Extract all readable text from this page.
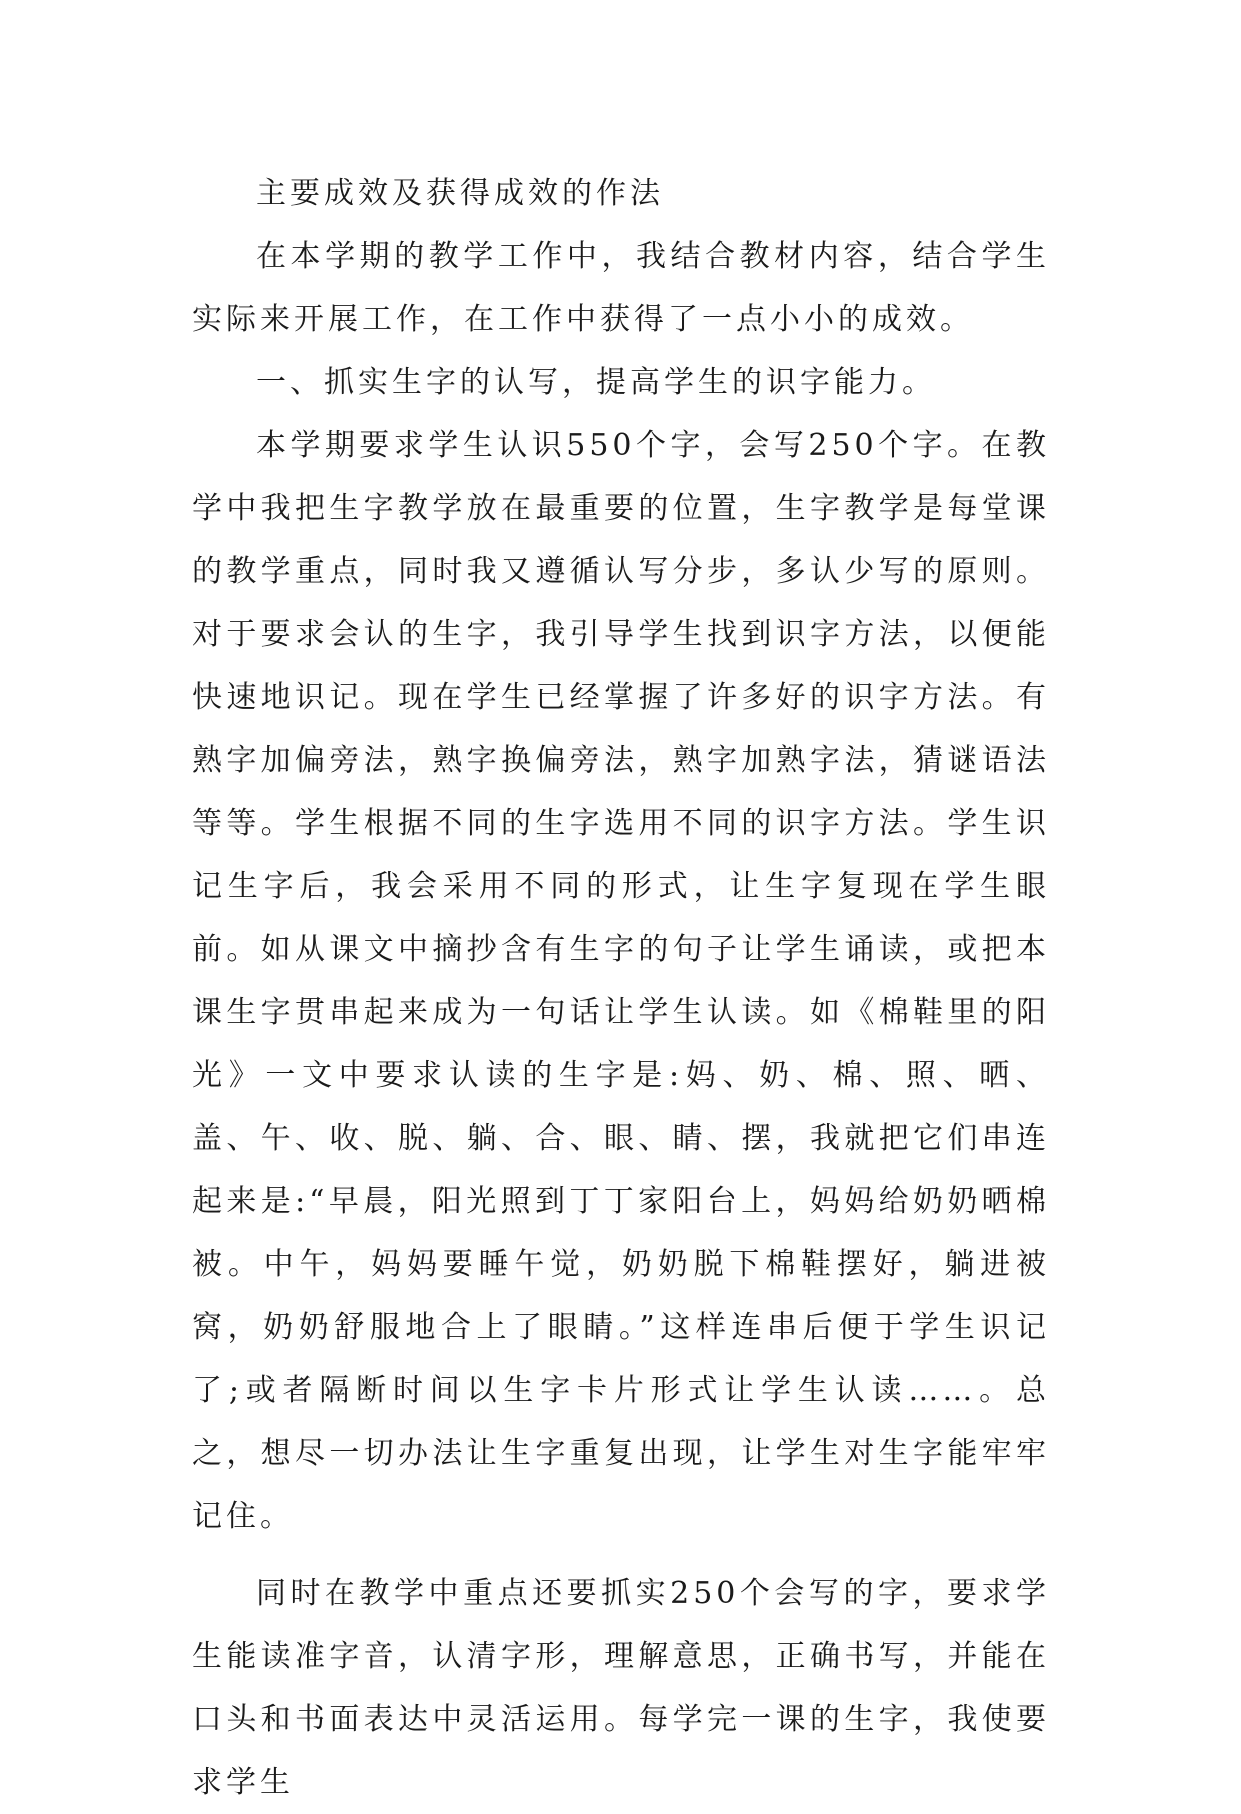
主要成效及获得成效的作法

在本学期的教学工作中，我结合教材内容，结合学生实际来开展工作，在工作中获得了一点小小的成效。

一、抓实生字的认写，提高学生的识字能力。

本学期要求学生认识550个字，会写250个字。在教学中我把生字教学放在最重要的位置，生字教学是每堂课的教学重点，同时我又遵循认写分步，多认少写的原则。对于要求会认的生字，我引导学生找到识字方法，以便能快速地识记。现在学生已经掌握了许多好的识字方法。有熟字加偏旁法，熟字换偏旁法，熟字加熟字法，猜谜语法等等。学生根据不同的生字选用不同的识字方法。学生识记生字后，我会采用不同的形式，让生字复现在学生眼前。如从课文中摘抄含有生字的句子让学生诵读，或把本课生字贯串起来成为一句话让学生认读。如《棉鞋里的阳光》一文中要求认读的生字是:妈、奶、棉、照、晒、盖、午、收、脱、躺、合、眼、睛、摆，我就把它们串连起来是:“早晨，阳光照到丁丁家阳台上，妈妈给奶奶晒棉被。中午，妈妈要睡午觉，奶奶脱下棉鞋摆好，躺进被窝，奶奶舒服地合上了眼睛。”这样连串后便于学生识记了;或者隔断时间以生字卡片形式让学生认读……。总之，想尽一切办法让生字重复出现，让学生对生字能牢牢记住。

同时在教学中重点还要抓实250个会写的字，要求学生能读准字音，认清字形，理解意思，正确书写，并能在口头和书面表达中灵活运用。每学完一课的生字，我使要求学生
